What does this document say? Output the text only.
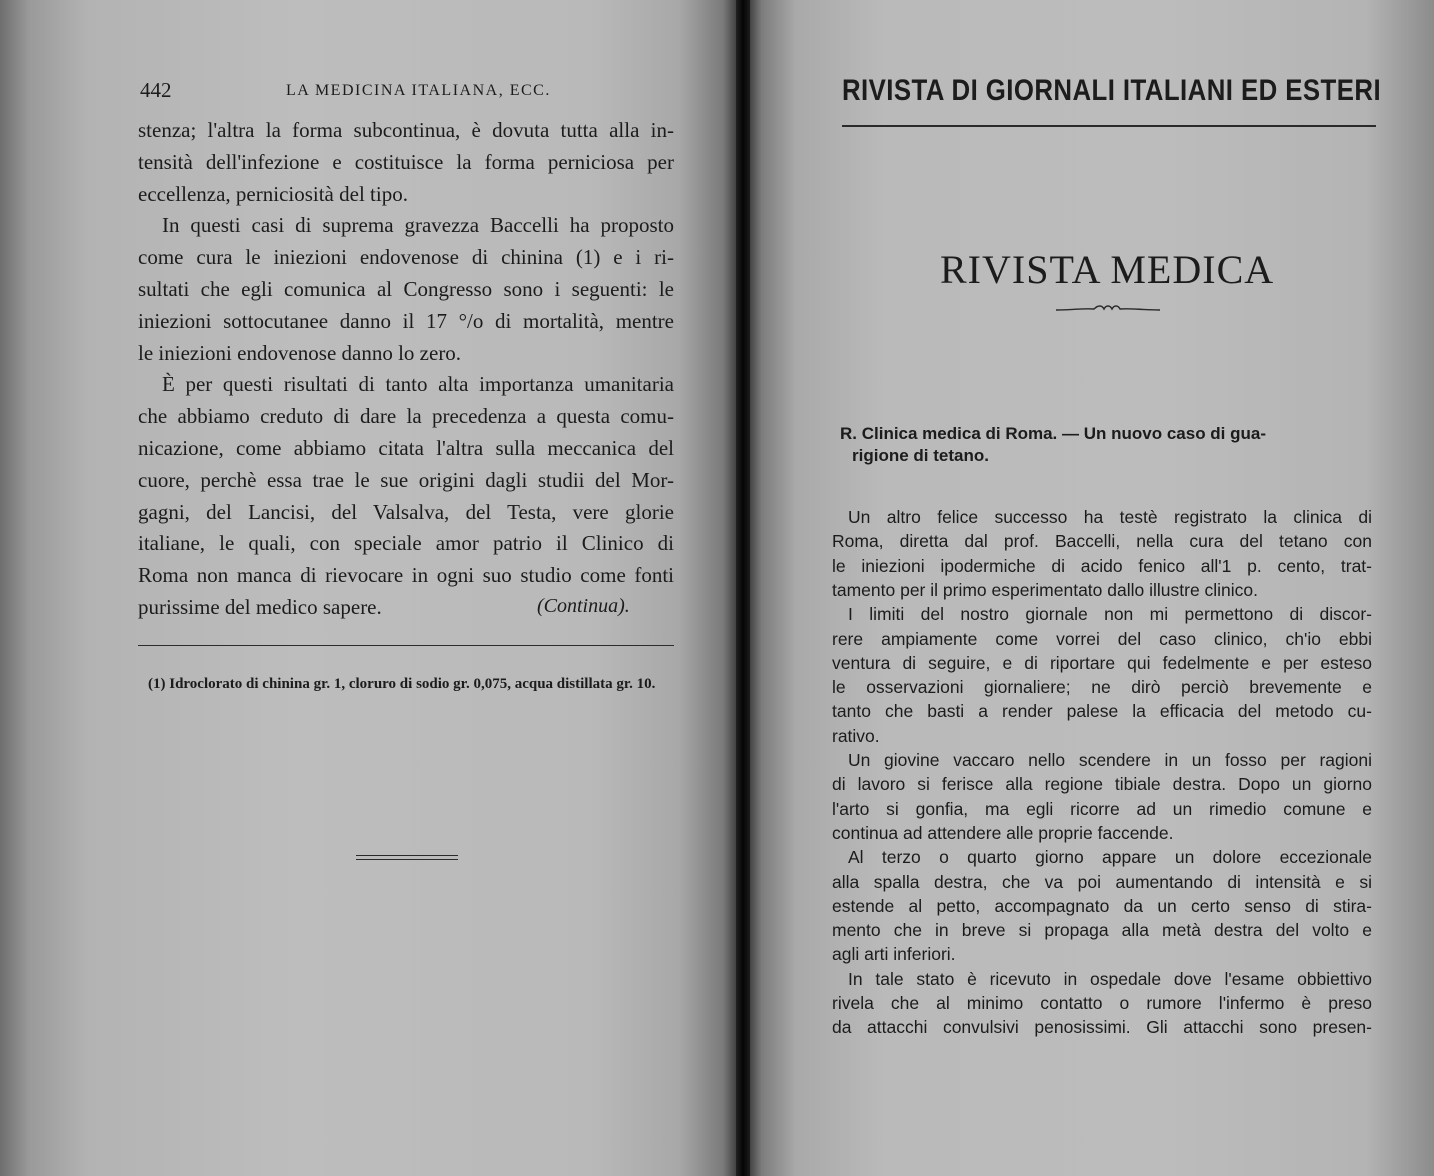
442	LA MEDICINA ITALIANA, ECC.
stenza; l'altra la forma subcontinua, è dovuta tutta alla in-
tensità dell'infezione e costituisce la forma perniciosa per
eccellenza, perniciosità del tipo.
In questi casi di suprema gravezza Baccelli ha proposto
come cura le iniezioni endovenose di chinina (1) e i ri-
sultati che egli comunica al Congresso sono i seguenti: le
iniezioni sottocutanee danno il 17 °/o di mortalità, mentre
le iniezioni endovenose danno lo zero.
È per questi risultati di tanto alta importanza umanitaria
che abbiamo creduto di dare la precedenza a questa comu-
nicazione, come abbiamo citata l'altra sulla meccanica del
cuore, perchè essa trae le sue origini dagli studii del Mor-
gagni, del Lancisi, del Valsalva, del Testa, vere glorie
italiane, le quali, con speciale amor patrio il Clinico di
Roma non manca di rievocare in ogni suo studio come fonti
purissime del medico sapere.	(Continua).
(1) Idroclorato di chinina gr. 1, cloruro di sodio gr. 0,075, acqua distillata gr. 10.
RIVISTA DI GIORNALI ITALIANI ED ESTERI
RIVISTA MEDICA
R. Clinica medica di Roma. — Un nuovo caso di gua-
rigione di tetano.
Un altro felice successo ha testè registrato la clinica di
Roma, diretta dal prof. Baccelli, nella cura del tetano con
le iniezioni ipodermiche di acido fenico all'1 p. cento, trat-
tamento per il primo esperimentato dallo illustre clinico.
I limiti del nostro giornale non mi permettono di discor-
rere ampiamente come vorrei del caso clinico, ch'io ebbi
ventura di seguire, e di riportare qui fedelmente e per esteso
le osservazioni giornaliere; ne dirò perciò brevemente e
tanto che basti a render palese la efficacia del metodo cu-
rativo.
Un giovine vaccaro nello scendere in un fosso per ragioni
di lavoro si ferisce alla regione tibiale destra. Dopo un giorno
l'arto si gonfia, ma egli ricorre ad un rimedio comune e
continua ad attendere alle proprie faccende.
Al terzo o quarto giorno appare un dolore eccezionale
alla spalla destra, che va poi aumentando di intensità e si
estende al petto, accompagnato da un certo senso di stira-
mento che in breve si propaga alla metà destra del volto e
agli arti inferiori.
In tale stato è ricevuto in ospedale dove l'esame obbiettivo
rivela che al minimo contatto o rumore l'infermo è preso
da attacchi convulsivi penosissimi. Gli attacchi sono presen-
